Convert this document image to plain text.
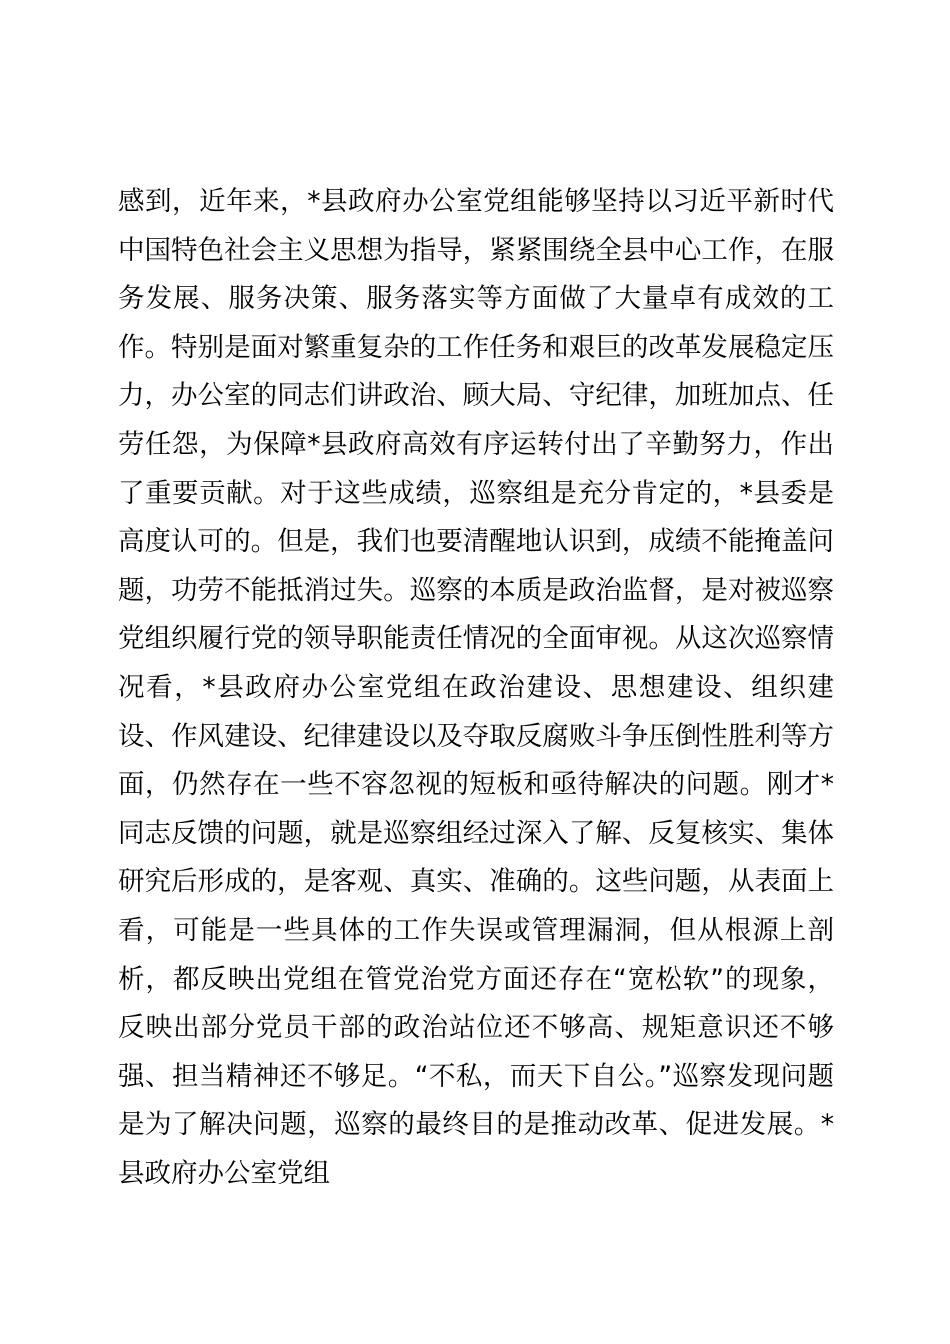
感到，近年来，*县政府办公室党组能够坚持以习近平新时代中国特色社会主义思想为指导，紧紧围绕全县中心工作，在服务发展、服务决策、服务落实等方面做了大量卓有成效的工作。特别是面对繁重复杂的工作任务和艰巨的改革发展稳定压力，办公室的同志们讲政治、顾大局、守纪律，加班加点、任劳任怨，为保障*县政府高效有序运转付出了辛勤努力，作出了重要贡献。对于这些成绩，巡察组是充分肯定的，*县委是高度认可的。但是，我们也要清醒地认识到，成绩不能掩盖问题，功劳不能抵消过失。巡察的本质是政治监督，是对被巡察党组织履行党的领导职能责任情况的全面审视。从这次巡察情况看，*县政府办公室党组在政治建设、思想建设、组织建设、作风建设、纪律建设以及夺取反腐败斗争压倒性胜利等方面，仍然存在一些不容忽视的短板和亟待解决的问题。刚才*同志反馈的问题，就是巡察组经过深入了解、反复核实、集体研究后形成的，是客观、真实、准确的。这些问题，从表面上看，可能是一些具体的工作失误或管理漏洞，但从根源上剖析，都反映出党组在管党治党方面还存在“宽松软”的现象，反映出部分党员干部的政治站位还不够高、规矩意识还不够强、担当精神还不够足。“不私，而天下自公。”巡察发现问题是为了解决问题，巡察的最终目的是推动改革、促进发展。*县政府办公室党组
